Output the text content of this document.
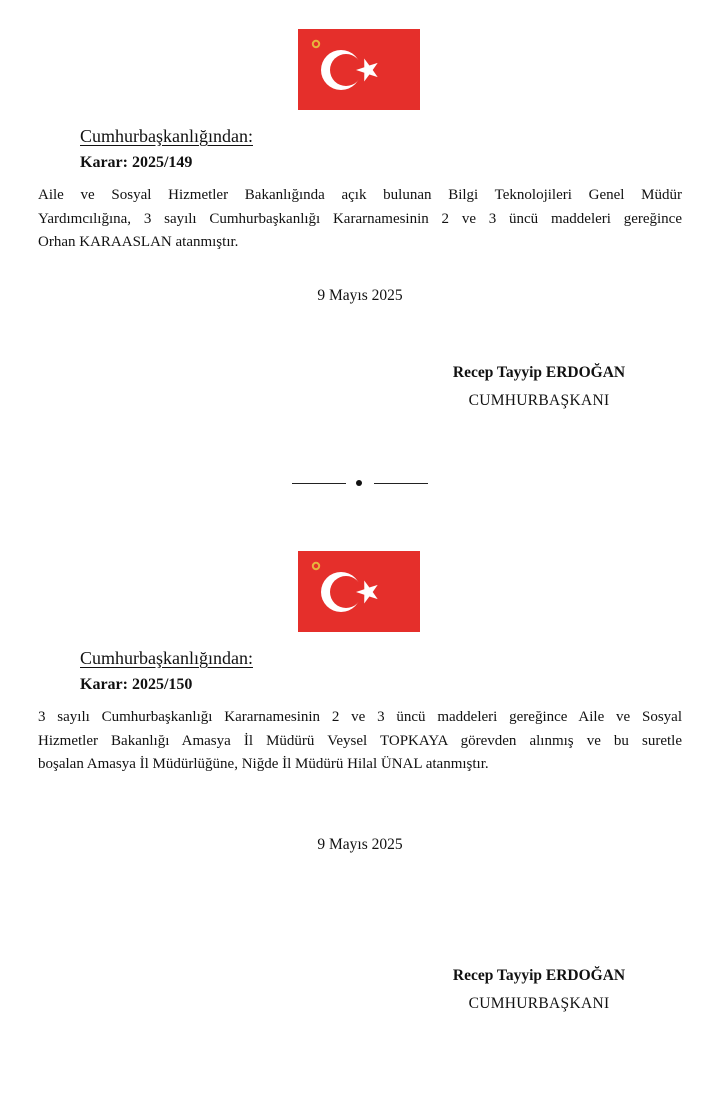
Cumhurbaşkanlığından:
Karar: 2025/149
Aile ve Sosyal Hizmetler Bakanlığında açık bulunan Bilgi Teknolojileri Genel Müdür
Yardımcılığına, 3 sayılı Cumhurbaşkanlığı Kararnamesinin 2 ve 3 üncü maddeleri gereğince
Orhan KARAASLAN atanmıştır.
9 Mayıs 2025
Recep Tayyip ERDOĞAN
CUMHURBAŞKANI
Cumhurbaşkanlığından:
Karar: 2025/150
3 sayılı Cumhurbaşkanlığı Kararnamesinin 2 ve 3 üncü maddeleri gereğince Aile ve Sosyal
Hizmetler Bakanlığı Amasya İl Müdürü Veysel TOPKAYA görevden alınmış ve bu suretle
boşalan Amasya İl Müdürlüğüne, Niğde İl Müdürü Hilal ÜNAL atanmıştır.
9 Mayıs 2025
Recep Tayyip ERDOĞAN
CUMHURBAŞKANI
